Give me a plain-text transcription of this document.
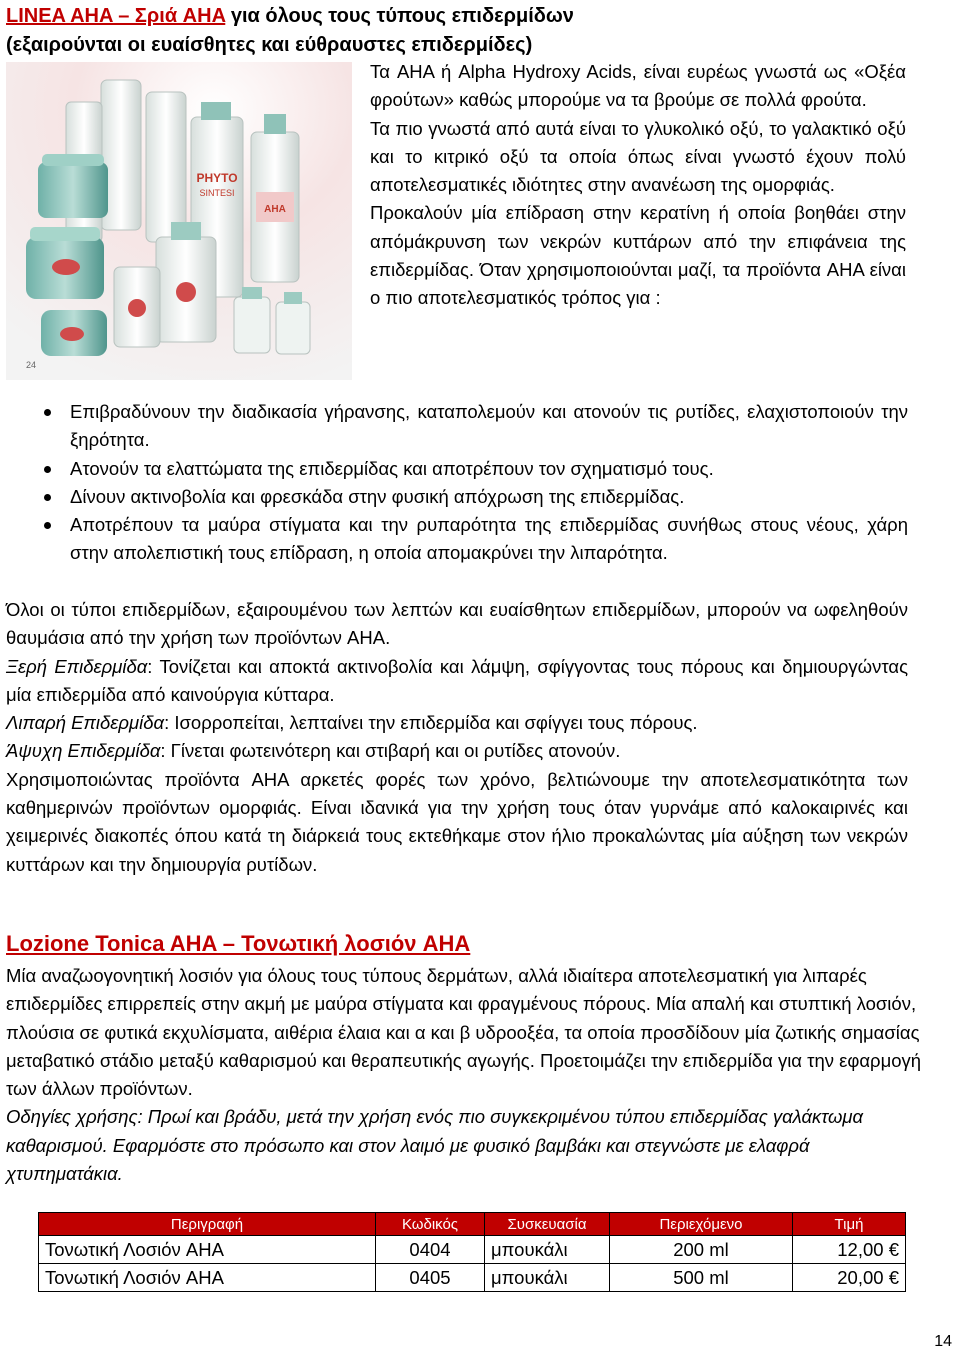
LINEA AHA – Σριά AHA για όλους τους τύπους επιδερμίδων
(εξαιρούνται οι ευαίσθητες και εύθραυστες επιδερμίδες)
PHYTO
SINTESI
AHA
24

Τα AHA ή Alpha Hydroxy Acids, είναι ευρέως γνωστά ως «Οξέα φρούτων» καθώς μπορούμε να τα βρούμε σε πολλά φρούτα.

Τα πιο γνωστά από αυτά είναι το γλυκολικό οξύ, το γαλακτικό οξύ και το κιτρικό οξύ τα οποία όπως είναι γνωστό έχουν πολύ αποτελεσματικές ιδιότητες στην ανανέωση της ομορφιάς.

Προκαλούν μία επίδραση στην κερατίνη ή οποία βοηθάει στην απόμάκρυνση των νεκρών κυττάρων από την επιφάνεια της επιδερμίδας. Όταν χρησιμοποιούνται μαζί, τα προϊόντα AHA είναι ο πιο αποτελεσματικός τρόπος για :

Επιβραδύνουν την διαδικασία γήρανσης, καταπολεμούν και ατονούν τις ρυτίδες, ελαχιστοποιούν την ξηρότητα.
Ατονούν τα ελαττώματα της επιδερμίδας και αποτρέπουν τον σχηματισμό τους.
Δίνουν ακτινοβολία και φρεσκάδα στην φυσική απόχρωση της επιδερμίδας.
Αποτρέπουν τα μαύρα στίγματα και την ρυπαρότητα της επιδερμίδας συνήθως στους νέους, χάρη στην απολεπιστική τους επίδραση, η οποία απομακρύνει την λιπαρότητα.

Όλοι οι τύποι επιδερμίδων, εξαιρουμένου των λεπτών και ευαίσθητων επιδερμίδων, μπορούν να ωφεληθούν θαυμάσια από την χρήση των προϊόντων AHA.

Ξερή Επιδερμίδα: Τονίζεται και αποκτά ακτινοβολία και λάμψη, σφίγγοντας τους πόρους και δημιουργώντας μία επιδερμίδα από καινούργια κύτταρα.

Λιπαρή Επιδερμίδα: Ισορροπείται, λεπταίνει την επιδερμίδα και σφίγγει τους πόρους.

Άψυχη Επιδερμίδα: Γίνεται φωτεινότερη και στιβαρή και οι ρυτίδες ατονούν.

Χρησιμοποιώντας προϊόντα AHA αρκετές φορές των χρόνο, βελτιώνουμε την αποτελεσματικότητα των καθημερινών προϊόντων ομορφιάς. Είναι ιδανικά για την χρήση τους όταν γυρνάμε από καλοκαιρινές και χειμερινές διακοπές όπου κατά τη διάρκειά τους εκτεθήκαμε στον ήλιο προκαλώντας μία αύξηση των νεκρών κυττάρων και την δημιουργία ρυτίδων.

Lozione Tonica AHA – Τονωτική λοσιόν AHA

Μία αναζωογονητική λοσιόν για όλους τους τύπους δερμάτων, αλλά ιδιαίτερα αποτελεσματική για λιπαρές επιδερμίδες επιρρεπείς στην ακμή με μαύρα στίγματα και φραγμένους πόρους. Μία απαλή και στυπτική λοσιόν, πλούσια σε φυτικά εκχυλίσματα, αιθέρια έλαια και α και β υδροοξέα, τα οποία προσδίδουν μία ζωτικής σημασίας μεταβατικό στάδιο μεταξύ καθαρισμού και θεραπευτικής αγωγής. Προετοιμάζει την επιδερμίδα για την εφαρμογή των άλλων προϊόντων.

Οδηγίες χρήσης: Πρωί και βράδυ, μετά την χρήση ενός πιο συγκεκριμένου τύπου επιδερμίδας γαλάκτωμα καθαρισμού. Εφαρμόστε στο πρόσωπο και στον λαιμό με φυσικό βαμβάκι και στεγνώστε με ελαφρά χτυπηματάκια.

Περιγραφή	Κωδικός	Συσκευασία	Περιεχόμενο	Τιμή
Τονωτική Λοσιόν AHA	0404	μπουκάλι	200 ml	12,00 €
Τονωτική Λοσιόν AHA	0405	μπουκάλι	500 ml	20,00 €
14
